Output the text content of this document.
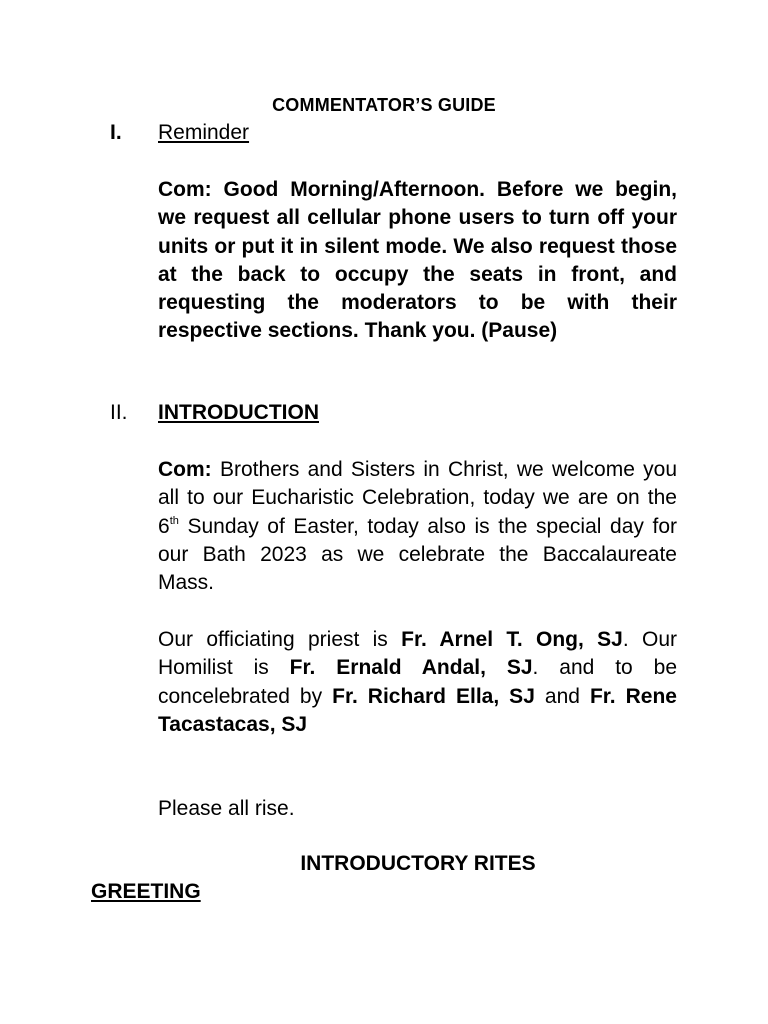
COMMENTATOR’S GUIDE
I. Reminder
Com: Good Morning/Afternoon. Before we begin, we request all cellular phone users to turn off your units or put it in silent mode. We also request those at the back to occupy the seats in front, and requesting the moderators to be with their respective sections. Thank you. (Pause)
II. INTRODUCTION
Com: Brothers and Sisters in Christ, we welcome you all to our Eucharistic Celebration, today we are on the 6th Sunday of Easter, today also is the special day for our Bath 2023 as we celebrate the Baccalaureate Mass.
Our officiating priest is Fr. Arnel T. Ong, SJ. Our Homilist is Fr. Ernald Andal, SJ. and to be concelebrated by Fr. Richard Ella, SJ and Fr. Rene Tacastacas, SJ
Please all rise.
INTRODUCTORY RITES
GREETING
